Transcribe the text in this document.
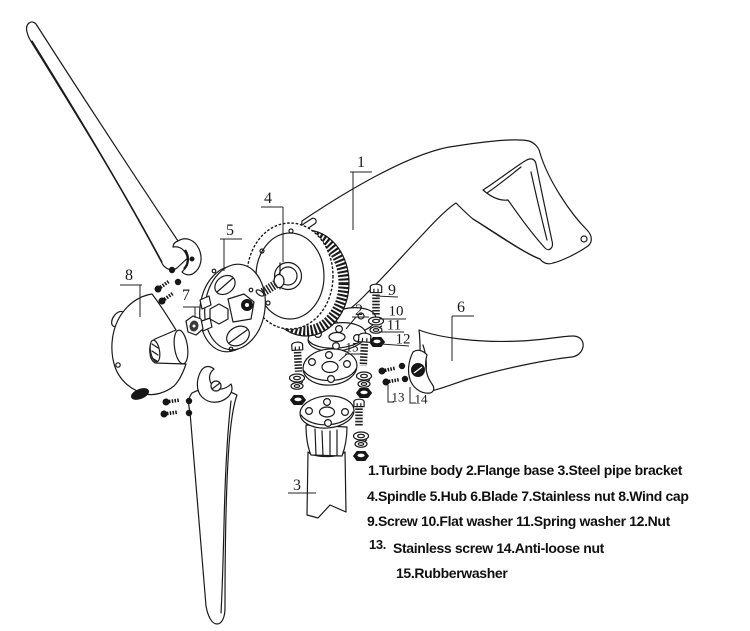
1
2
3
4
5
6
7
8
9
10
11
12
13 14
15
1.Turbine body 2.Flange base 3.Steel pipe bracket
4.Spindle 5.Hub 6.Blade 7.Stainless nut 8.Wind cap
9.Screw 10.Flat washer 11.Spring washer 12.Nut
13. Stainless screw 14.Anti-loose nut
15.Rubberwasher
